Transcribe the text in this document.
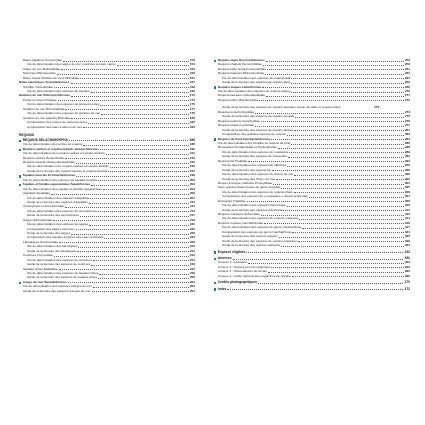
Raies-papillons Gymnuridae	153
Clé de détermination des aigles de mer, mourines et raies manta	154
Aigles de mer Myliobatidae	155
Mourines Rhinopteridae	159
Raies manta (Diables de mer) Mobulidae	161
Raies électriques Torpediniformes	167
Torpilles Torpedinidae	168
Clé de détermination des espèces de torpilles	169
Guitares de mer Rhinopristiformes	173
Poissons-scies Pristidae	174
Clé de détermination des espèces de poissons-scies	175
Guitares de mer Rhinobatidae	177
Clé de détermination des espèces de guitares de mer	178
Guitares de mer géantes Rhinidae	180
Comparaison des rostres de poissons-scies	182
Comparaison des raies à aileron de mer	183
REQUINS
REQUINS SELACHIMORPHA	186
Clé de détermination des ordres de requins	188
Requins-vaches et requins-lézards Hexanchiformes	190
Clé de détermination des requins-vaches et requins-lézards	191
Requins-vaches Hexanchidae	192
Requins-lézards Chlamydoselachidae	195
Clé de détermination des requins-vaches et requins-lézards	196
Guide de la denture des requins-vaches et requins-lézards	197
Squales bouclés Echinorhiniformes	199
Clé de détermination des espèces de squales bouclés	200
Squales et familles apparentées Squaliformes	203
Clé de détermination des squales et familles apparentées	204
Aiguillats Squalidae	206
Clé de détermination des espèces d'aiguillats	207
Guide de la denture des espèces d'aiguillats	211
Centrophores Centrophoridae	213
Clé de détermination des espèces de centrophores	214
Guide de la denture des centrophores	217
Sagres Etmopteridae	219
Clé de détermination des espèces de sagres	220
Comparaison des sagres lumineux	225
Guide de la denture des sagres	229
Comparaison des squales à épines des eaux profondes	234
Laimargues Somniosidae	236
Clé de détermination des laimargues	237
Guide de la denture des laimargues	241
Centrines Oxynotidae	243
Clé de détermination des espèces de centrines	244
Guide de la denture des espèces de centrines	246
Squales liches Dalatiidae	247
Clé de détermination des espèces de squales liches	248
Guide de la denture des espèces de squales liches	250
Anges de mer Squatiniformes	252
Clé de détermination des espèces d'anges de mer	253
Guide de la denture des espèces d'anges de mer	254
Requins-lapis Orectolobiformes	256
Requins-chabots Hemiscylliidae	258
Requins-tapis Ginglymostomatidae	261
Requins-baleines Rhincodontidae	262
Clé de détermination des espèces de requins-tapis	264
Guide de la denture des espèces de requins-tapis	266
Requins-taupes Lamniformes	268
Clé de détermination des espèces de requins-taupes	270
Requins-taureaux Odontaspididae	271
Requins-lutins Mitsukurinidae	272
Guide de la denture des espèces de requins-taureaux requin de sable et requins-lutins	273
Requins-renards Alopiidae	274
Guide de la denture des espèces de requins-renards	275
Requins-pélerins Cetorhinidae	276
Requins-taupes Lamnidae	277
Guide de la denture des espèces de requins-taupes	281
Comparaison des grandes espèces de requins	283
Requins de fond Carcharhiniformes	284
Clé de détermination des familles de requins de fond	286
Roussettes Pentanchidae et Scyliorhinidae	288
Clé de détermination des espèces de roussettes	289
Guide de la denture des espèces de roussettes	292
Requins-hâ Triakidae	294
Clé de détermination des espèces de hâbiches	296
Guide de la denture des requins-hâ	299
Clé de détermination des espèces de chiens de mer	300
Guide de la denture des chiens de mer	302
Requin à longue mâchoire Proscylliidae	304
Faux requins-chats (requin du genre Gogolia)	305
Clé de détermination des espèces de requins-chats	306
Comparaison des espèces de « roussettes » d'eaux profondes	307
Émissoles Triakidae	309
Clé de détermination des espèces d'émissoles	310
Guide de la denture des espèces d'émissoles	312
Requins-marteaux Sphyrnidae	313
Clé de détermination des espèces de requins-marteaux	314
Requins requiem Carcharhinidae	316
Clé de détermination des espèces du genre Carcharhinus	317
Comparaison des espèces du genre Carcharhinus	321
Guide de la denture des requins requiem	325
Guide de la denture des espèces de requins-marteaux	329
Guide de la denture des requins-marteaux	331
Espèces éligibles	332
Annexes	352
Annexe 1 : Glossaire	352
Annexe 2 : Océans et mers régionaux	362
Annexe 3 : Observatoires de terrain	363
Annexe 4 : Guide régional des magazines de requins	368
Crédits photographiques	370
Index	372
